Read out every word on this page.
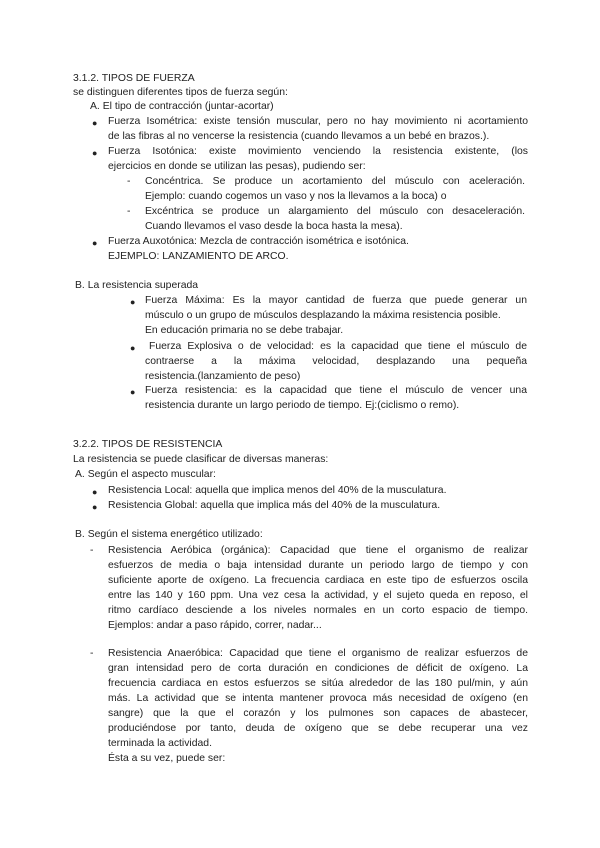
3.1.2. TIPOS DE FUERZA
se distinguen diferentes tipos de fuerza según:
A. El tipo de contracción (juntar-acortar)
● Fuerza Isométrica: existe tensión muscular, pero no hay movimiento ni acortamiento
de las fibras al no vencerse la resistencia (cuando llevamos a un bebé en brazos.).
● Fuerza Isotónica: existe movimiento venciendo la resistencia existente, (los
ejercicios en donde se utilizan las pesas), pudiendo ser:
- Concéntrica. Se produce un acortamiento del músculo con aceleración.
Ejemplo: cuando cogemos un vaso y nos la llevamos a la boca) o
- Excéntrica se produce un alargamiento del músculo con desaceleración.
Cuando llevamos el vaso desde la boca hasta la mesa).
● Fuerza Auxotónica: Mezcla de contracción isométrica e isotónica.
EJEMPLO: LANZAMIENTO DE ARCO.
B. La resistencia superada
● Fuerza Máxima: Es la mayor cantidad de fuerza que puede generar un
músculo o un grupo de músculos desplazando la máxima resistencia posible.
En educación primaria no se debe trabajar.
● Fuerza Explosiva o de velocidad: es la capacidad que tiene el músculo de
contraerse a la máxima velocidad, desplazando una pequeña
resistencia.(lanzamiento de peso)
● Fuerza resistencia: es la capacidad que tiene el músculo de vencer una
resistencia durante un largo periodo de tiempo. Ej:(ciclismo o remo).
3.2.2. TIPOS DE RESISTENCIA
La resistencia se puede clasificar de diversas maneras:
A. Según el aspecto muscular:
● Resistencia Local: aquella que implica menos del 40% de la musculatura.
● Resistencia Global: aquella que implica más del 40% de la musculatura.
B. Según el sistema energético utilizado:
- Resistencia Aeróbica (orgánica): Capacidad que tiene el organismo de realizar
esfuerzos de media o baja intensidad durante un periodo largo de tiempo y con
suficiente aporte de oxígeno. La frecuencia cardiaca en este tipo de esfuerzos oscila
entre las 140 y 160 ppm. Una vez cesa la actividad, y el sujeto queda en reposo, el
ritmo cardíaco desciende a los niveles normales en un corto espacio de tiempo.
Ejemplos: andar a paso rápido, correr, nadar...
- Resistencia Anaeróbica: Capacidad que tiene el organismo de realizar esfuerzos de
gran intensidad pero de corta duración en condiciones de déficit de oxígeno. La
frecuencia cardiaca en estos esfuerzos se sitúa alrededor de las 180 pul/min, y aún
más. La actividad que se intenta mantener provoca más necesidad de oxígeno (en
sangre) que la que el corazón y los pulmones son capaces de abastecer,
produciéndose por tanto, deuda de oxígeno que se debe recuperar una vez
terminada la actividad.
Ésta a su vez, puede ser:
